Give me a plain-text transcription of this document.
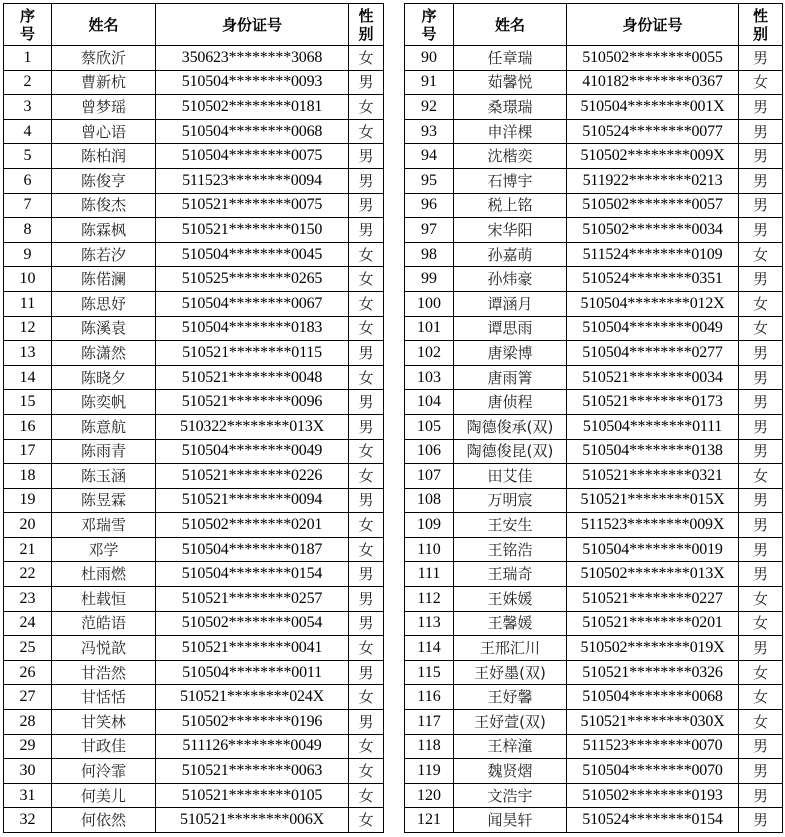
序
号	姓名	身份证号	性
别

1	蔡欣沂	350623********3068	女
2	曹新杭	510504********0093	男
3	曾梦瑶	510502********0181	女
4	曾心语	510504********0068	女
5	陈柏润	510504********0075	男
6	陈俊亨	511523********0094	男
7	陈俊杰	510521********0075	男
8	陈霖枫	510521********0150	男
9	陈若汐	510504********0045	女
10	陈偌澜	510525********0265	女
11	陈思妤	510504********0067	女
12	陈溪袁	510504********0183	女
13	陈潇然	510521********0115	男
14	陈晓夕	510521********0048	女
15	陈奕帆	510521********0096	男
16	陈意航	510322********013X	男
17	陈雨青	510504********0049	女
18	陈玉涵	510521********0226	女
19	陈昱霖	510521********0094	男
20	邓瑞雪	510502********0201	女
21	邓学	510504********0187	女
22	杜雨燃	510504********0154	男
23	杜载恒	510521********0257	男
24	范皓语	510502********0054	男
25	冯悦歆	510521********0041	女
26	甘浩然	510504********0011	男
27	甘恬恬	510521********024X	女
28	甘笑林	510502********0196	男
29	甘政佳	511126********0049	女
30	何泠霏	510521********0063	女
31	何美儿	510521********0105	女
32	何依然	510521********006X	女
序
号	姓名	身份证号	性
别

90	任章瑞	510502********0055	男
91	茹馨悦	410182********0367	女
92	桑璟瑞	510504********001X	男
93	申洋棵	510524********0077	男
94	沈楷奕	510502********009X	男
95	石博宇	511922********0213	男
96	税上铭	510502********0057	男
97	宋华阳	510502********0034	男
98	孙嘉萌	511524********0109	女
99	孙炜豪	510524********0351	男
100	谭涵月	510504********012X	女
101	谭思雨	510504********0049	女
102	唐梁博	510504********0277	男
103	唐雨箐	510521********0034	男
104	唐侦程	510521********0173	男
105	陶德俊承(双)	510504********0111	男
106	陶德俊昆(双)	510504********0138	男
107	田艾佳	510521********0321	女
108	万明宸	510521********015X	男
109	王安生	511523********009X	男
110	王铭浩	510504********0019	男
111	王瑞奇	510502********013X	男
112	王姝媛	510521********0227	女
113	王馨媛	510521********0201	女
114	王邢汇川	510502********019X	男
115	王妤墨(双)	510521********0326	女
116	王妤馨	510504********0068	女
117	王妤萱(双)	510521********030X	女
118	王梓潼	511523********0070	男
119	魏贤熠	510504********0070	男
120	文浩宇	510502********0193	男
121	闻昊轩	510524********0154	男
